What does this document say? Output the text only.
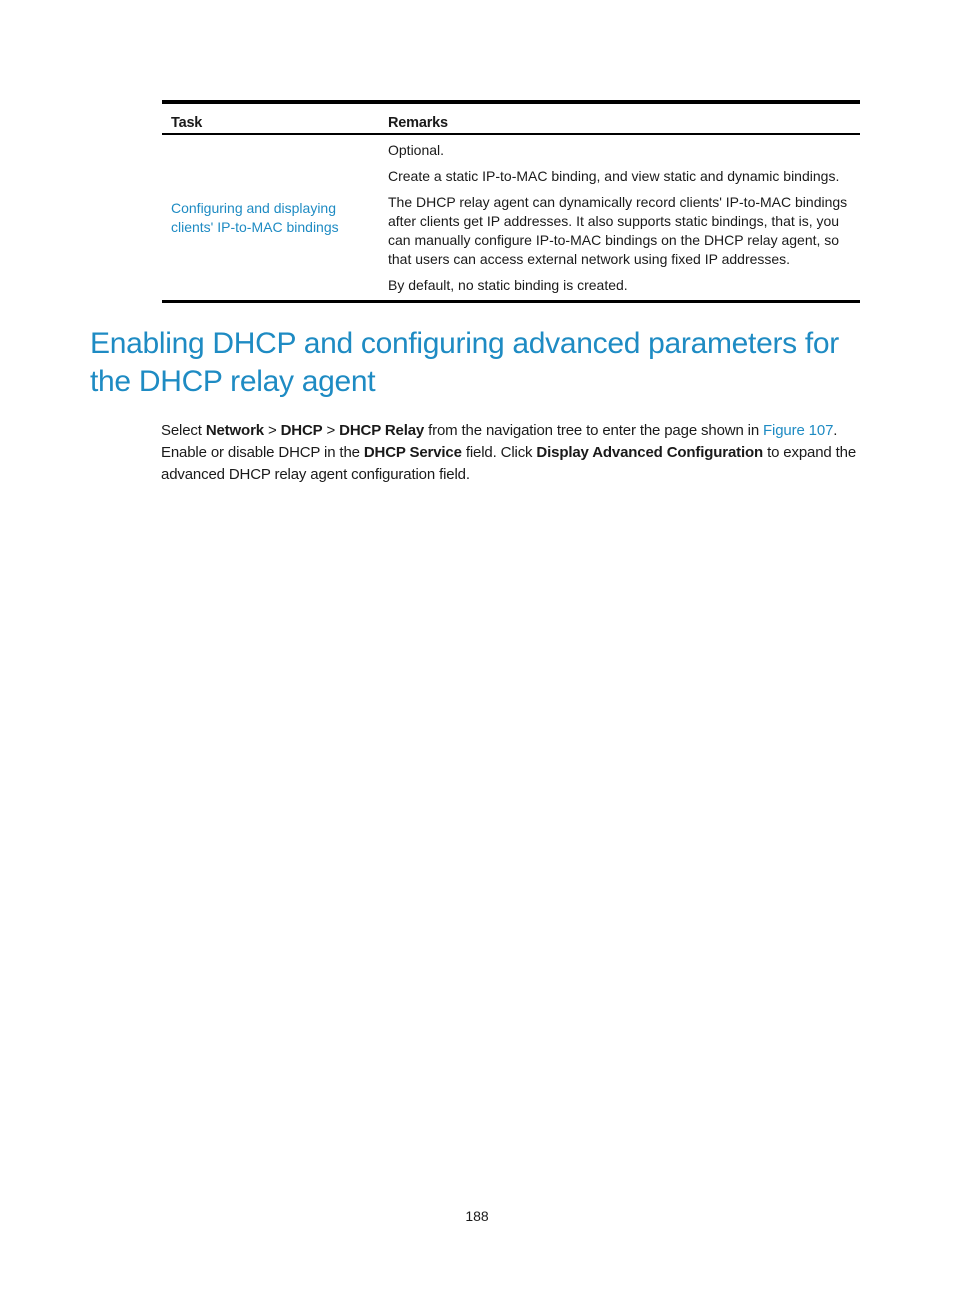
Task	Remarks
Configuring and displaying clients' IP-to-MAC bindings

Optional.

Create a static IP-to-MAC binding, and view static and dynamic bindings.

The DHCP relay agent can dynamically record clients' IP-to-MAC bindings after clients get IP addresses. It also supports static bindings, that is, you can manually configure IP-to-MAC bindings on the DHCP relay agent, so that users can access external network using fixed IP addresses.

By default, no static binding is created.

Enabling DHCP and configuring advanced parameters for the DHCP relay agent

Select Network > DHCP > DHCP Relay from the navigation tree to enter the page shown in Figure 107. Enable or disable DHCP in the DHCP Service field. Click Display Advanced Configuration to expand the advanced DHCP relay agent configuration field.

188
